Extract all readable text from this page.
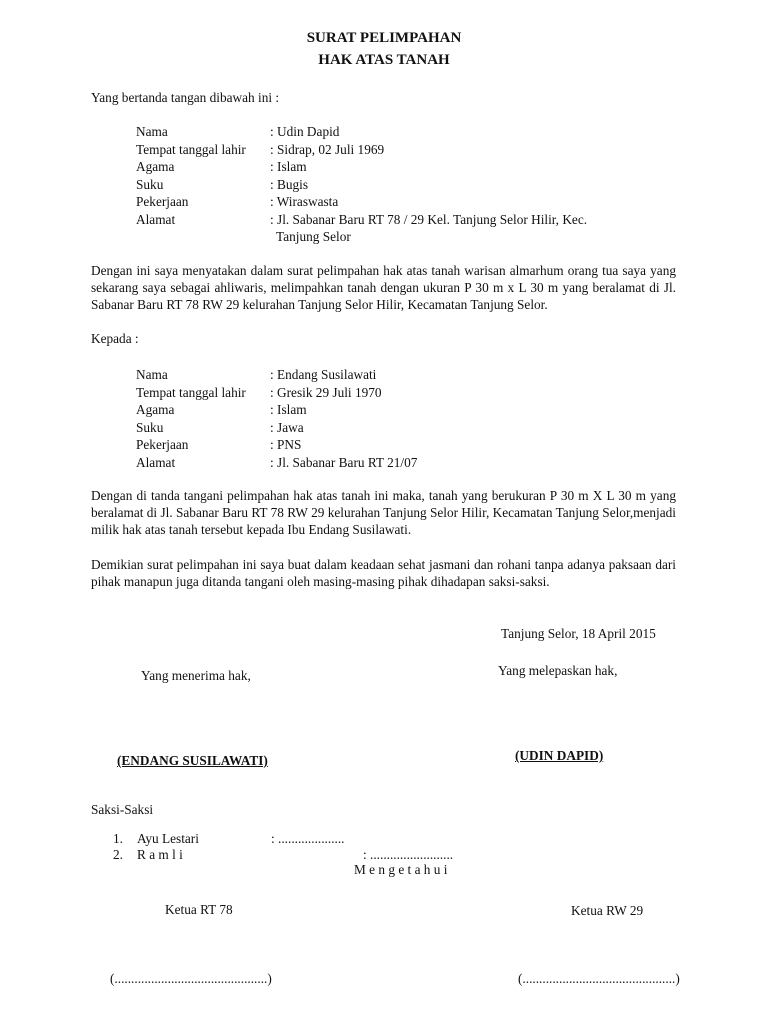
SURAT PELIMPAHAN
HAK ATAS TANAH
Yang bertanda tangan dibawah ini :
Nama	: Udin Dapid
Tempat tanggal lahir : Sidrap, 02 Juli 1969
Agama	: Islam
Suku	: Bugis
Pekerjaan	: Wiraswasta
Alamat	: Jl. Sabanar Baru RT 78 / 29 Kel. Tanjung Selor Hilir, Kec.
Tanjung Selor
Dengan ini saya menyatakan dalam surat pelimpahan hak atas tanah warisan almarhum orang tua saya yang sekarang saya sebagai ahliwaris, melimpahkan tanah dengan ukuran P 30 m x L 30 m yang beralamat di Jl. Sabanar Baru RT 78 RW 29 kelurahan Tanjung Selor Hilir, Kecamatan Tanjung Selor.
Kepada :
Nama	: Endang Susilawati
Tempat tanggal lahir : Gresik 29 Juli 1970
Agama	: Islam
Suku	: Jawa
Pekerjaan	: PNS
Alamat	: Jl. Sabanar Baru RT 21/07
Dengan di tanda tangani pelimpahan hak atas tanah ini maka, tanah yang berukuran P 30 m X L 30 m yang beralamat di Jl. Sabanar Baru RT 78 RW 29 kelurahan Tanjung Selor Hilir, Kecamatan Tanjung Selor,menjadi milik hak atas tanah tersebut kepada Ibu Endang Susilawati.
Demikian surat pelimpahan ini saya buat dalam keadaan sehat jasmani dan rohani tanpa adanya paksaan dari pihak manapun juga ditanda tangani oleh masing-masing pihak dihadapan saksi-saksi.
Tanjung Selor, 18 April 2015
Yang menerima hak,	Yang melepaskan hak,
(ENDANG SUSILAWATI)	(UDIN DAPID)
Saksi-Saksi
1. Ayu Lestari	: ....................
2. R a m l i	: .........................
M e n g e t a h u i
Ketua RT 78	Ketua RW 29
(..............................................)	(..............................................)
